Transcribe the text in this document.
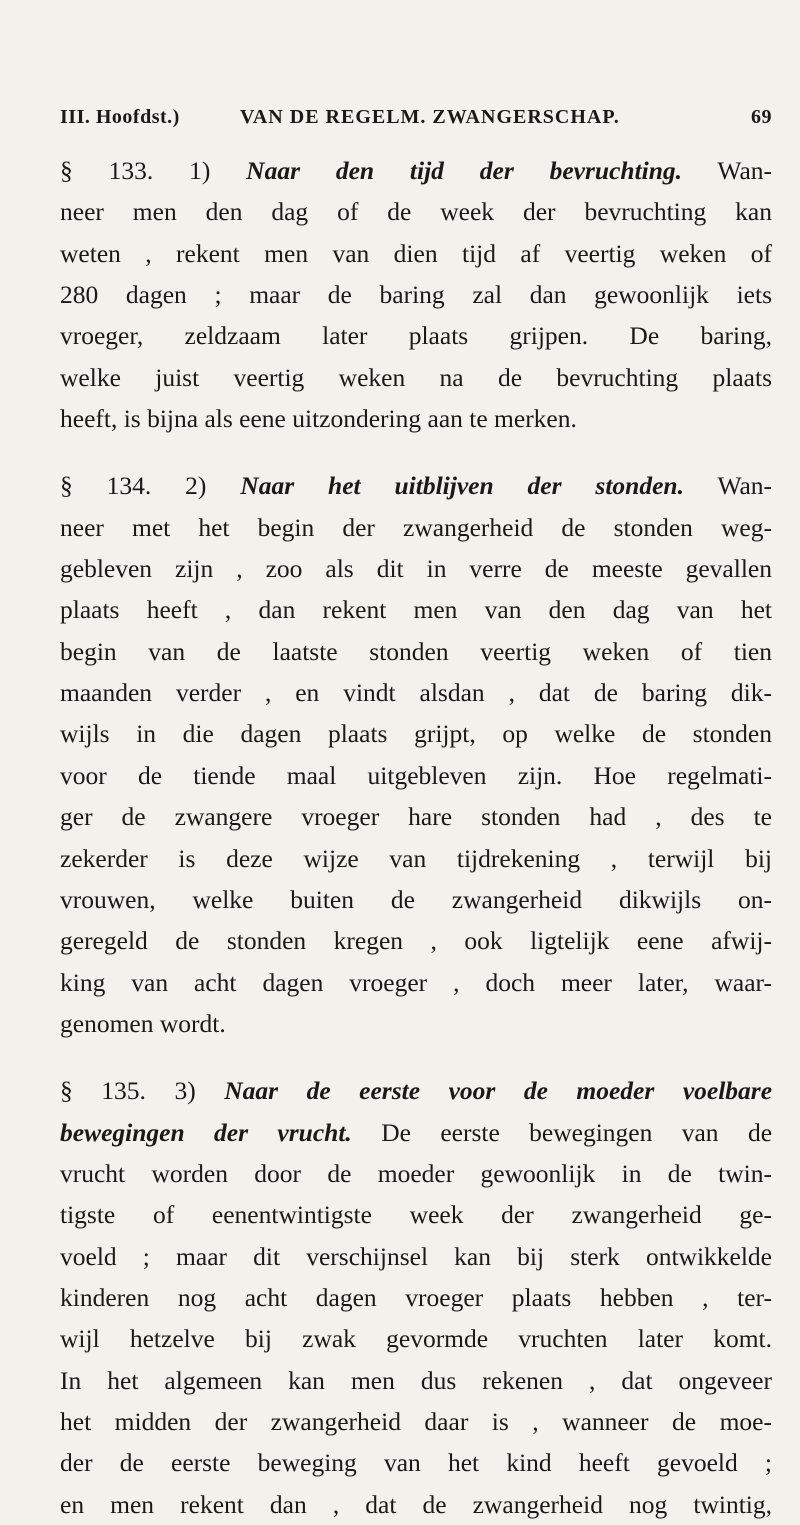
III. Hoofdst.)	VAN DE REGELM. ZWANGERSCHAP.	69
§ 133. 1) Naar den tijd der bevruchting. Wan-
neer men den dag of de week der bevruchting kan
weten , rekent men van dien tijd af veertig weken of
280 dagen ; maar de baring zal dan gewoonlijk iets
vroeger, zeldzaam later plaats grijpen. De baring,
welke juist veertig weken na de bevruchting plaats
heeft, is bijna als eene uitzondering aan te merken.
§ 134. 2) Naar het uitblijven der stonden. Wan-
neer met het begin der zwangerheid de stonden weg-
gebleven zijn , zoo als dit in verre de meeste gevallen
plaats heeft , dan rekent men van den dag van het
begin van de laatste stonden veertig weken of tien
maanden verder , en vindt alsdan , dat de baring dik-
wijls in die dagen plaats grijpt, op welke de stonden
voor de tiende maal uitgebleven zijn. Hoe regelmati-
ger de zwangere vroeger hare stonden had , des te
zekerder is deze wijze van tijdrekening , terwijl bij
vrouwen, welke buiten de zwangerheid dikwijls on-
geregeld de stonden kregen , ook ligtelijk eene afwij-
king van acht dagen vroeger , doch meer later, waar-
genomen wordt.
§ 135. 3) Naar de eerste voor de moeder voelbare
bewegingen der vrucht. De eerste bewegingen van de
vrucht worden door de moeder gewoonlijk in de twin-
tigste of eenentwintigste week der zwangerheid ge-
voeld ; maar dit verschijnsel kan bij sterk ontwikkelde
kinderen nog acht dagen vroeger plaats hebben , ter-
wijl hetzelve bij zwak gevormde vruchten later komt.
In het algemeen kan men dus rekenen , dat ongeveer
het midden der zwangerheid daar is , wanneer de moe-
der de eerste beweging van het kind heeft gevoeld ;
en men rekent dan , dat de zwangerheid nog twintig,
